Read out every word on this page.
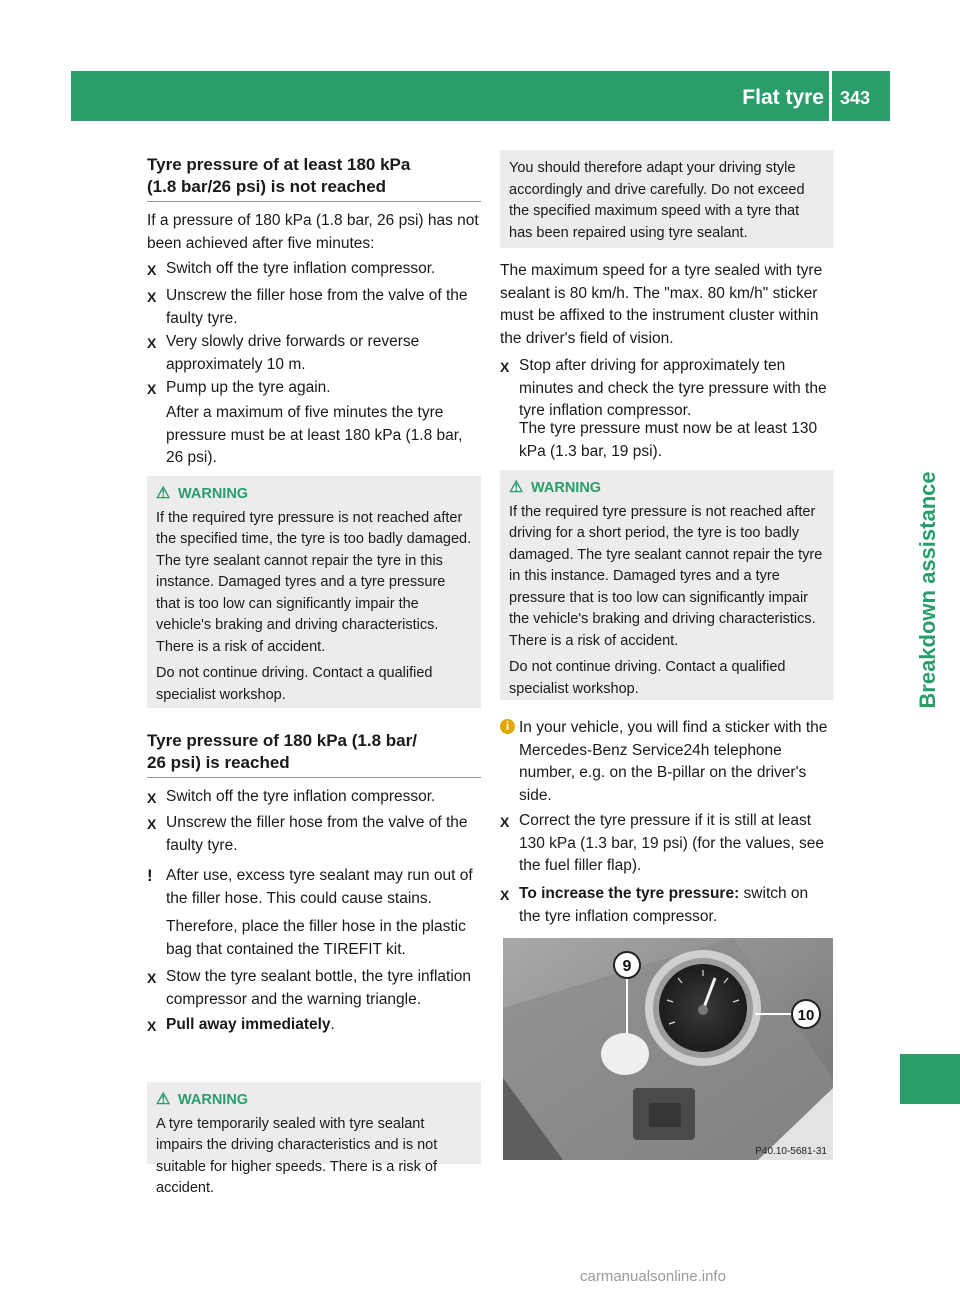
Flat tyre 343
Breakdown assistance
Tyre pressure of at least 180 kPa
(1.8 bar/26 psi) is not reached
If a pressure of 180 kPa (1.8 bar, 26 psi) has not been achieved after five minutes:
X Switch off the tyre inflation compressor.
X Unscrew the filler hose from the valve of the faulty tyre.
X Very slowly drive forwards or reverse approximately 10 m.
X Pump up the tyre again.
After a maximum of five minutes the tyre pressure must be at least 180 kPa (1.8 bar, 26 psi).
⚠ WARNING

If the required tyre pressure is not reached after the specified time, the tyre is too badly damaged. The tyre sealant cannot repair the tyre in this instance. Damaged tyres and a tyre pressure that is too low can significantly impair the vehicle's braking and driving characteristics. There is a risk of accident.

Do not continue driving. Contact a qualified specialist workshop.

Tyre pressure of 180 kPa (1.8 bar/
26 psi) is reached
X Switch off the tyre inflation compressor.
X Unscrew the filler hose from the valve of the faulty tyre.
! After use, excess tyre sealant may run out of the filler hose. This could cause stains.
Therefore, place the filler hose in the plastic bag that contained the TIREFIT kit.
X Stow the tyre sealant bottle, the tyre inflation compressor and the warning triangle.
X Pull away immediately.
⚠ WARNING

A tyre temporarily sealed with tyre sealant impairs the driving characteristics and is not suitable for higher speeds. There is a risk of accident.

You should therefore adapt your driving style accordingly and drive carefully. Do not exceed the specified maximum speed with a tyre that has been repaired using tyre sealant.

The maximum speed for a tyre sealed with tyre sealant is 80 km/h. The "max. 80 km/h" sticker must be affixed to the instrument cluster within the driver's field of vision.
X Stop after driving for approximately ten minutes and check the tyre pressure with the tyre inflation compressor.
The tyre pressure must now be at least 130 kPa (1.3 bar, 19 psi).
⚠ WARNING

If the required tyre pressure is not reached after driving for a short period, the tyre is too badly damaged. The tyre sealant cannot repair the tyre in this instance. Damaged tyres and a tyre pressure that is too low can significantly impair the vehicle's braking and driving characteristics. There is a risk of accident.

Do not continue driving. Contact a qualified specialist workshop.

i In your vehicle, you will find a sticker with the Mercedes-Benz Service24h telephone number, e.g. on the B-pillar on the driver's side.
X Correct the tyre pressure if it is still at least 130 kPa (1.3 bar, 19 psi) (for the values, see the fuel filler flap).
X To increase the tyre pressure: switch on the tyre inflation compressor.
9
10
P40.10-5681-31
carmanualsonline.info
